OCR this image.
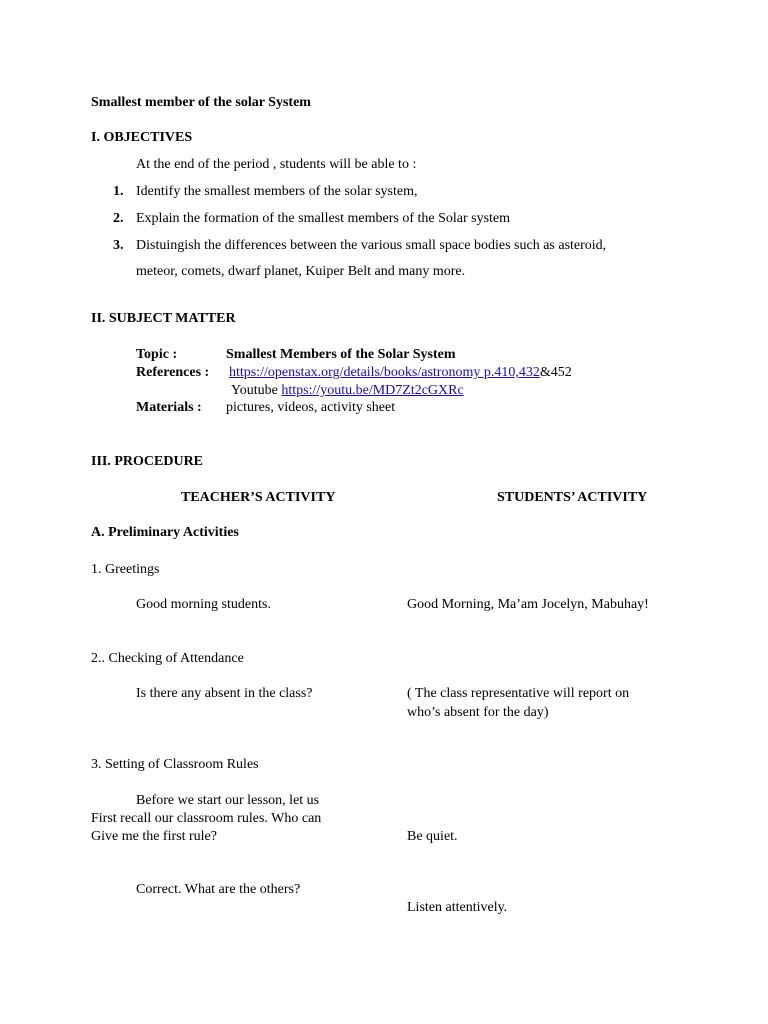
Smallest member of the solar System
I. OBJECTIVES
At the end of the period , students will be able to :
1. Identify the smallest members of the solar system,
2. Explain the formation of the smallest members of the Solar system
3. Distuingish the differences between the various small space bodies such as asteroid,
meteor, comets, dwarf planet, Kuiper Belt and many more.
II. SUBJECT MATTER
Topic :	Smallest Members of the Solar System
References : https://openstax.org/details/books/astronomy p.410,432&452
Youtube https://youtu.be/MD7Zt2cGXRc
Materials : pictures, videos, activity sheet
III. PROCEDURE
TEACHER’S ACTIVITY	STUDENTS’ ACTIVITY
A. Preliminary Activities
1. Greetings
Good morning students.	Good Morning, Ma’am Jocelyn, Mabuhay!
2.. Checking of Attendance
Is there any absent in the class?	( The class representative will report on
who’s absent for the day)
3. Setting of Classroom Rules
Before we start our lesson, let us
First recall our classroom rules. Who can
Give me the first rule?	Be quiet.
Correct. What are the others?
Listen attentively.
